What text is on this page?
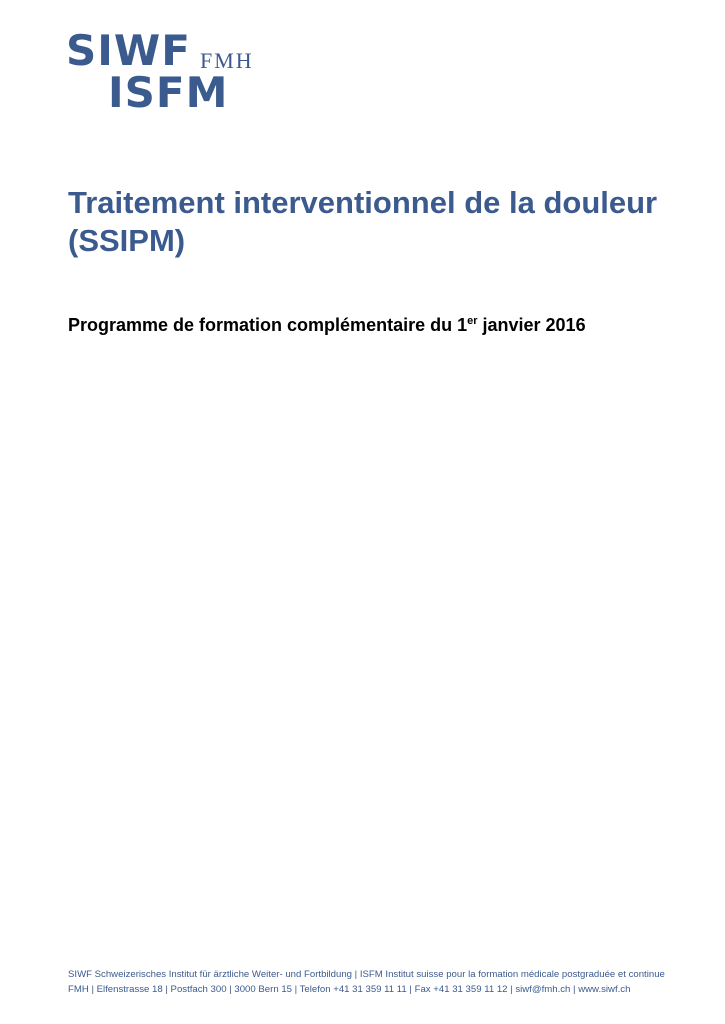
SIWF FMH
ISFM
Traitement interventionnel de la douleur (SSIPM)
Programme de formation complémentaire du 1er janvier 2016
SIWF Schweizerisches Institut für ärztliche Weiter- und Fortbildung | ISFM Institut suisse pour la formation médicale postgraduée et continue
FMH | Elfenstrasse 18 | Postfach 300 | 3000 Bern 15 | Telefon +41 31 359 11 11 | Fax +41 31 359 11 12 | siwf@fmh.ch | www.siwf.ch
